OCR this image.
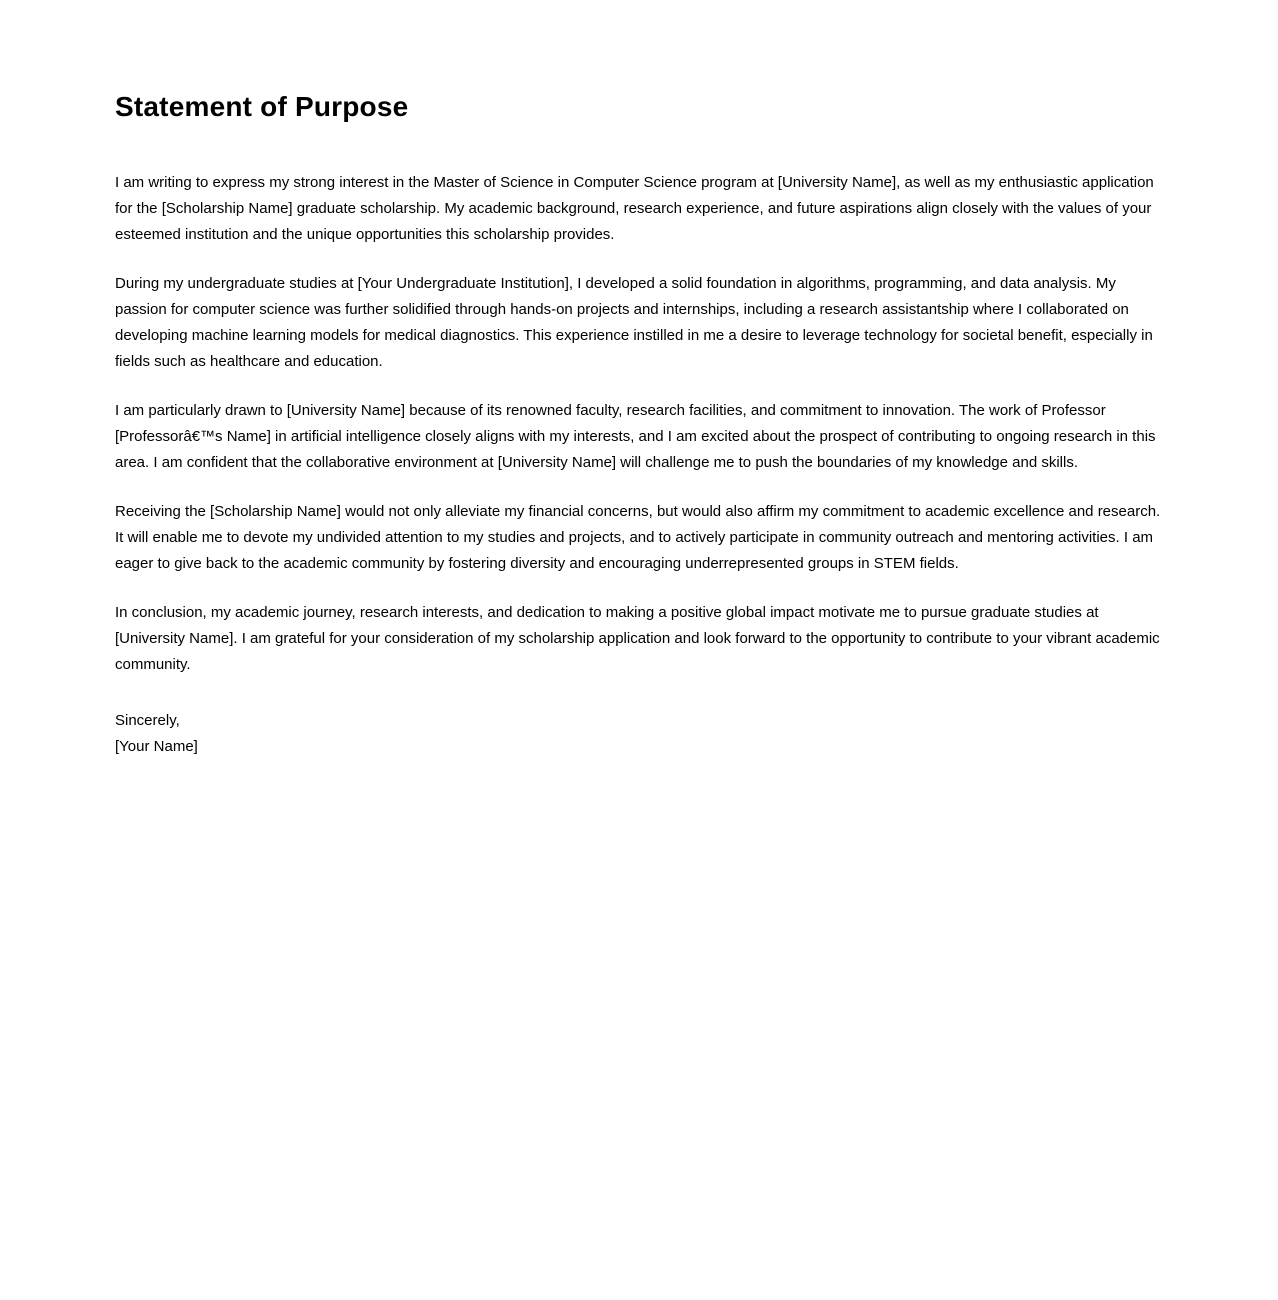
Statement of Purpose

I am writing to express my strong interest in the Master of Science in Computer Science program at [University Name], as well as my enthusiastic application for the [Scholarship Name] graduate scholarship. My academic background, research experience, and future aspirations align closely with the values of your esteemed institution and the unique opportunities this scholarship provides.

During my undergraduate studies at [Your Undergraduate Institution], I developed a solid foundation in algorithms, programming, and data analysis. My passion for computer science was further solidified through hands-on projects and internships, including a research assistantship where I collaborated on developing machine learning models for medical diagnostics. This experience instilled in me a desire to leverage technology for societal benefit, especially in fields such as healthcare and education.

I am particularly drawn to [University Name] because of its renowned faculty, research facilities, and commitment to innovation. The work of Professor [Professorâ€™s Name] in artificial intelligence closely aligns with my interests, and I am excited about the prospect of contributing to ongoing research in this area. I am confident that the collaborative environment at [University Name] will challenge me to push the boundaries of my knowledge and skills.

Receiving the [Scholarship Name] would not only alleviate my financial concerns, but would also affirm my commitment to academic excellence and research. It will enable me to devote my undivided attention to my studies and projects, and to actively participate in community outreach and mentoring activities. I am eager to give back to the academic community by fostering diversity and encouraging underrepresented groups in STEM fields.

In conclusion, my academic journey, research interests, and dedication to making a positive global impact motivate me to pursue graduate studies at [University Name]. I am grateful for your consideration of my scholarship application and look forward to the opportunity to contribute to your vibrant academic community.

Sincerely,
[Your Name]
